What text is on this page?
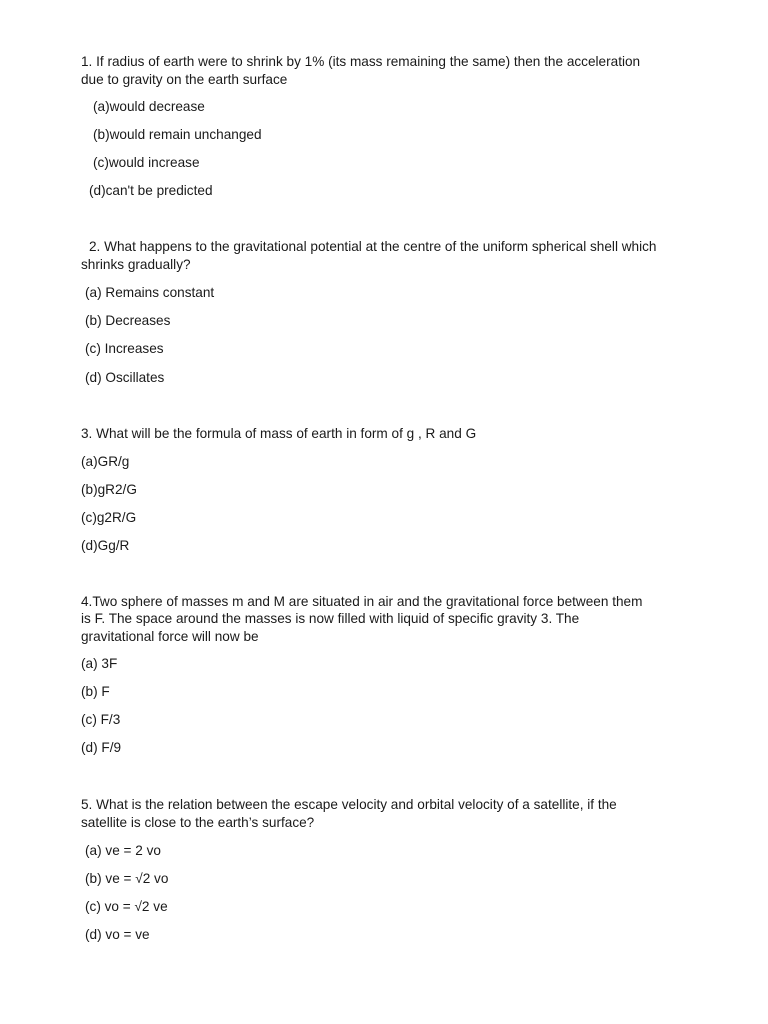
1. If radius of earth were to shrink by 1% (its mass remaining the same) then the acceleration
due to gravity on the earth surface
(a)would decrease
(b)would remain unchanged
(c)would increase
(d)can't be predicted
2. What happens to the gravitational potential at the centre of the uniform spherical shell which
shrinks gradually?
(a) Remains constant
(b) Decreases
(c) Increases
(d) Oscillates
3. What will be the formula of mass of earth in form of g , R and G
(a)GR/g
(b)gR2/G
(c)g2R/G
(d)Gg/R
4.Two sphere of masses m and M are situated in air and the gravitational force between them
is F. The space around the masses is now filled with liquid of specific gravity 3. The
gravitational force will now be
(a) 3F
(b) F
(c) F/3
(d) F/9
5. What is the relation between the escape velocity and orbital velocity of a satellite, if the
satellite is close to the earth’s surface?
(a) ve = 2 vo
(b) ve = √2 vo
(c) vo = √2 ve
(d) vo = ve
